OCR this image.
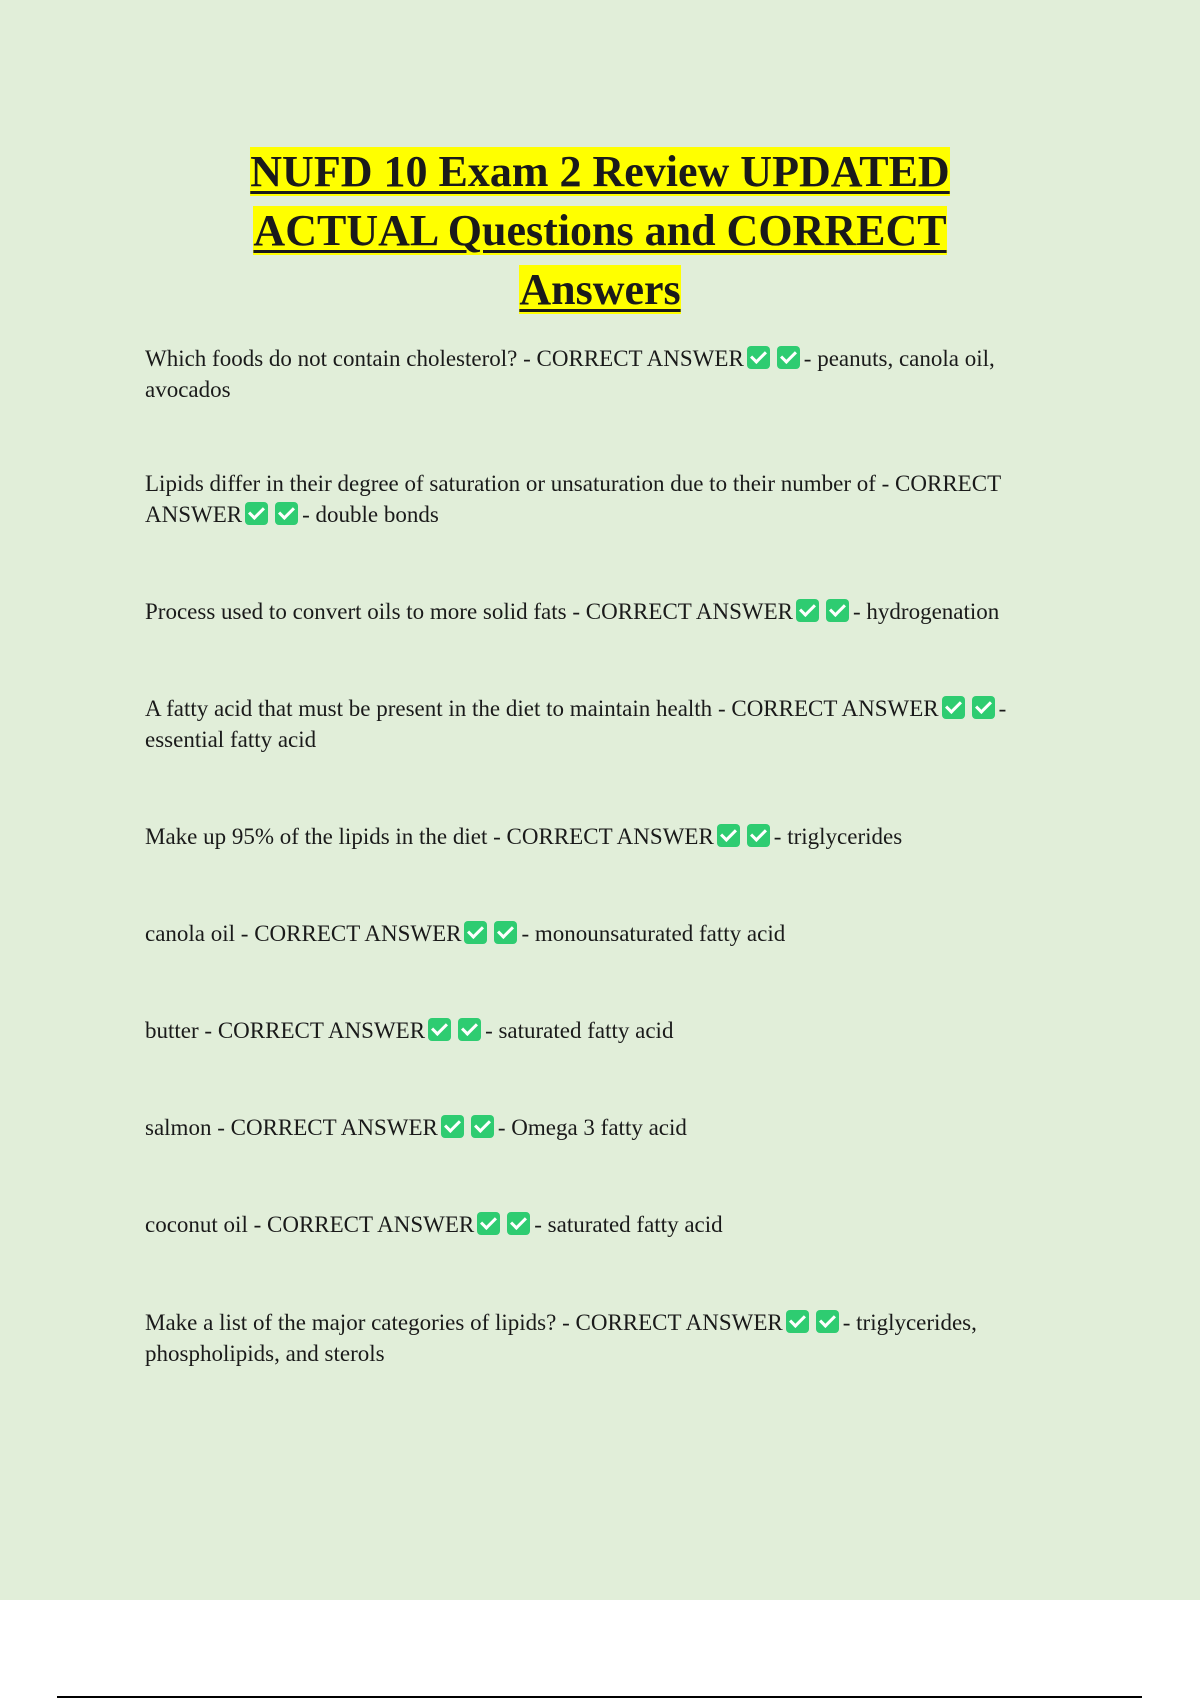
NUFD 10 Exam 2 Review UPDATED
ACTUAL Questions and CORRECT
Answers

Which foods do not contain cholesterol? - CORRECT ANSWER	- peanuts, canola oil, avocados

Lipids differ in their degree of saturation or unsaturation due to their number of - CORRECT ANSWER	- double bonds

Process used to convert oils to more solid fats - CORRECT ANSWER	- hydrogenation

A fatty acid that must be present in the diet to maintain health - CORRECT ANSWER	- essential fatty acid

Make up 95% of the lipids in the diet - CORRECT ANSWER	- triglycerides

canola oil - CORRECT ANSWER	- monounsaturated fatty acid

butter - CORRECT ANSWER	- saturated fatty acid

salmon - CORRECT ANSWER	- Omega 3 fatty acid

coconut oil - CORRECT ANSWER	- saturated fatty acid

Make a list of the major categories of lipids? - CORRECT ANSWER	- triglycerides, phospholipids, and sterols
